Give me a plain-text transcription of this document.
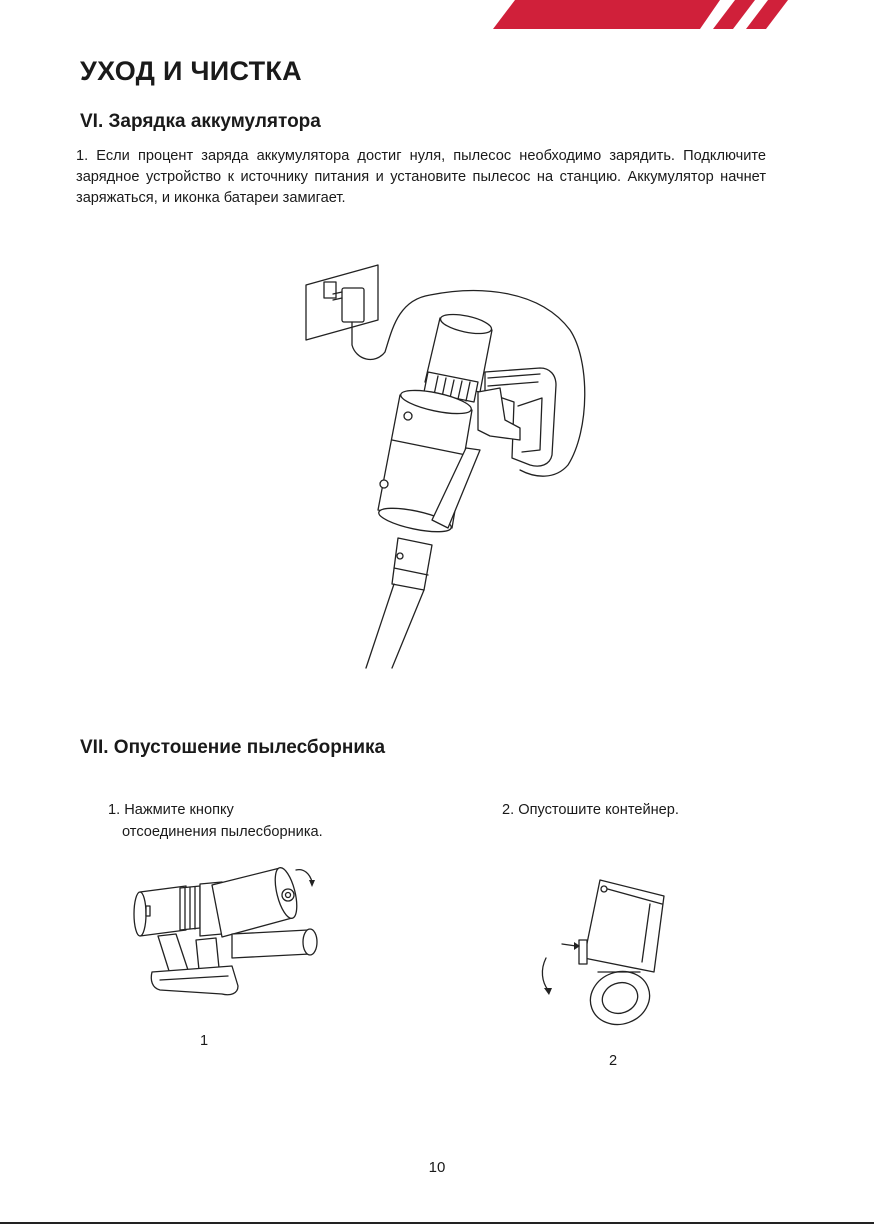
УХОД И ЧИСТКА
VI. Зарядка аккумулятора

1. Если процент заряда аккумулятора достиг нуля, пылесос необходимо зарядить. Подключите зарядное устройство к источнику питания и установите пылесос на станцию. Аккумулятор начнет заряжаться, и иконка батареи замигает.

VII. Опустошение пылесборника
1. Нажмите кнопку
отсоединения пылесборника.
2. Опустошите контейнер.
1
2
10
